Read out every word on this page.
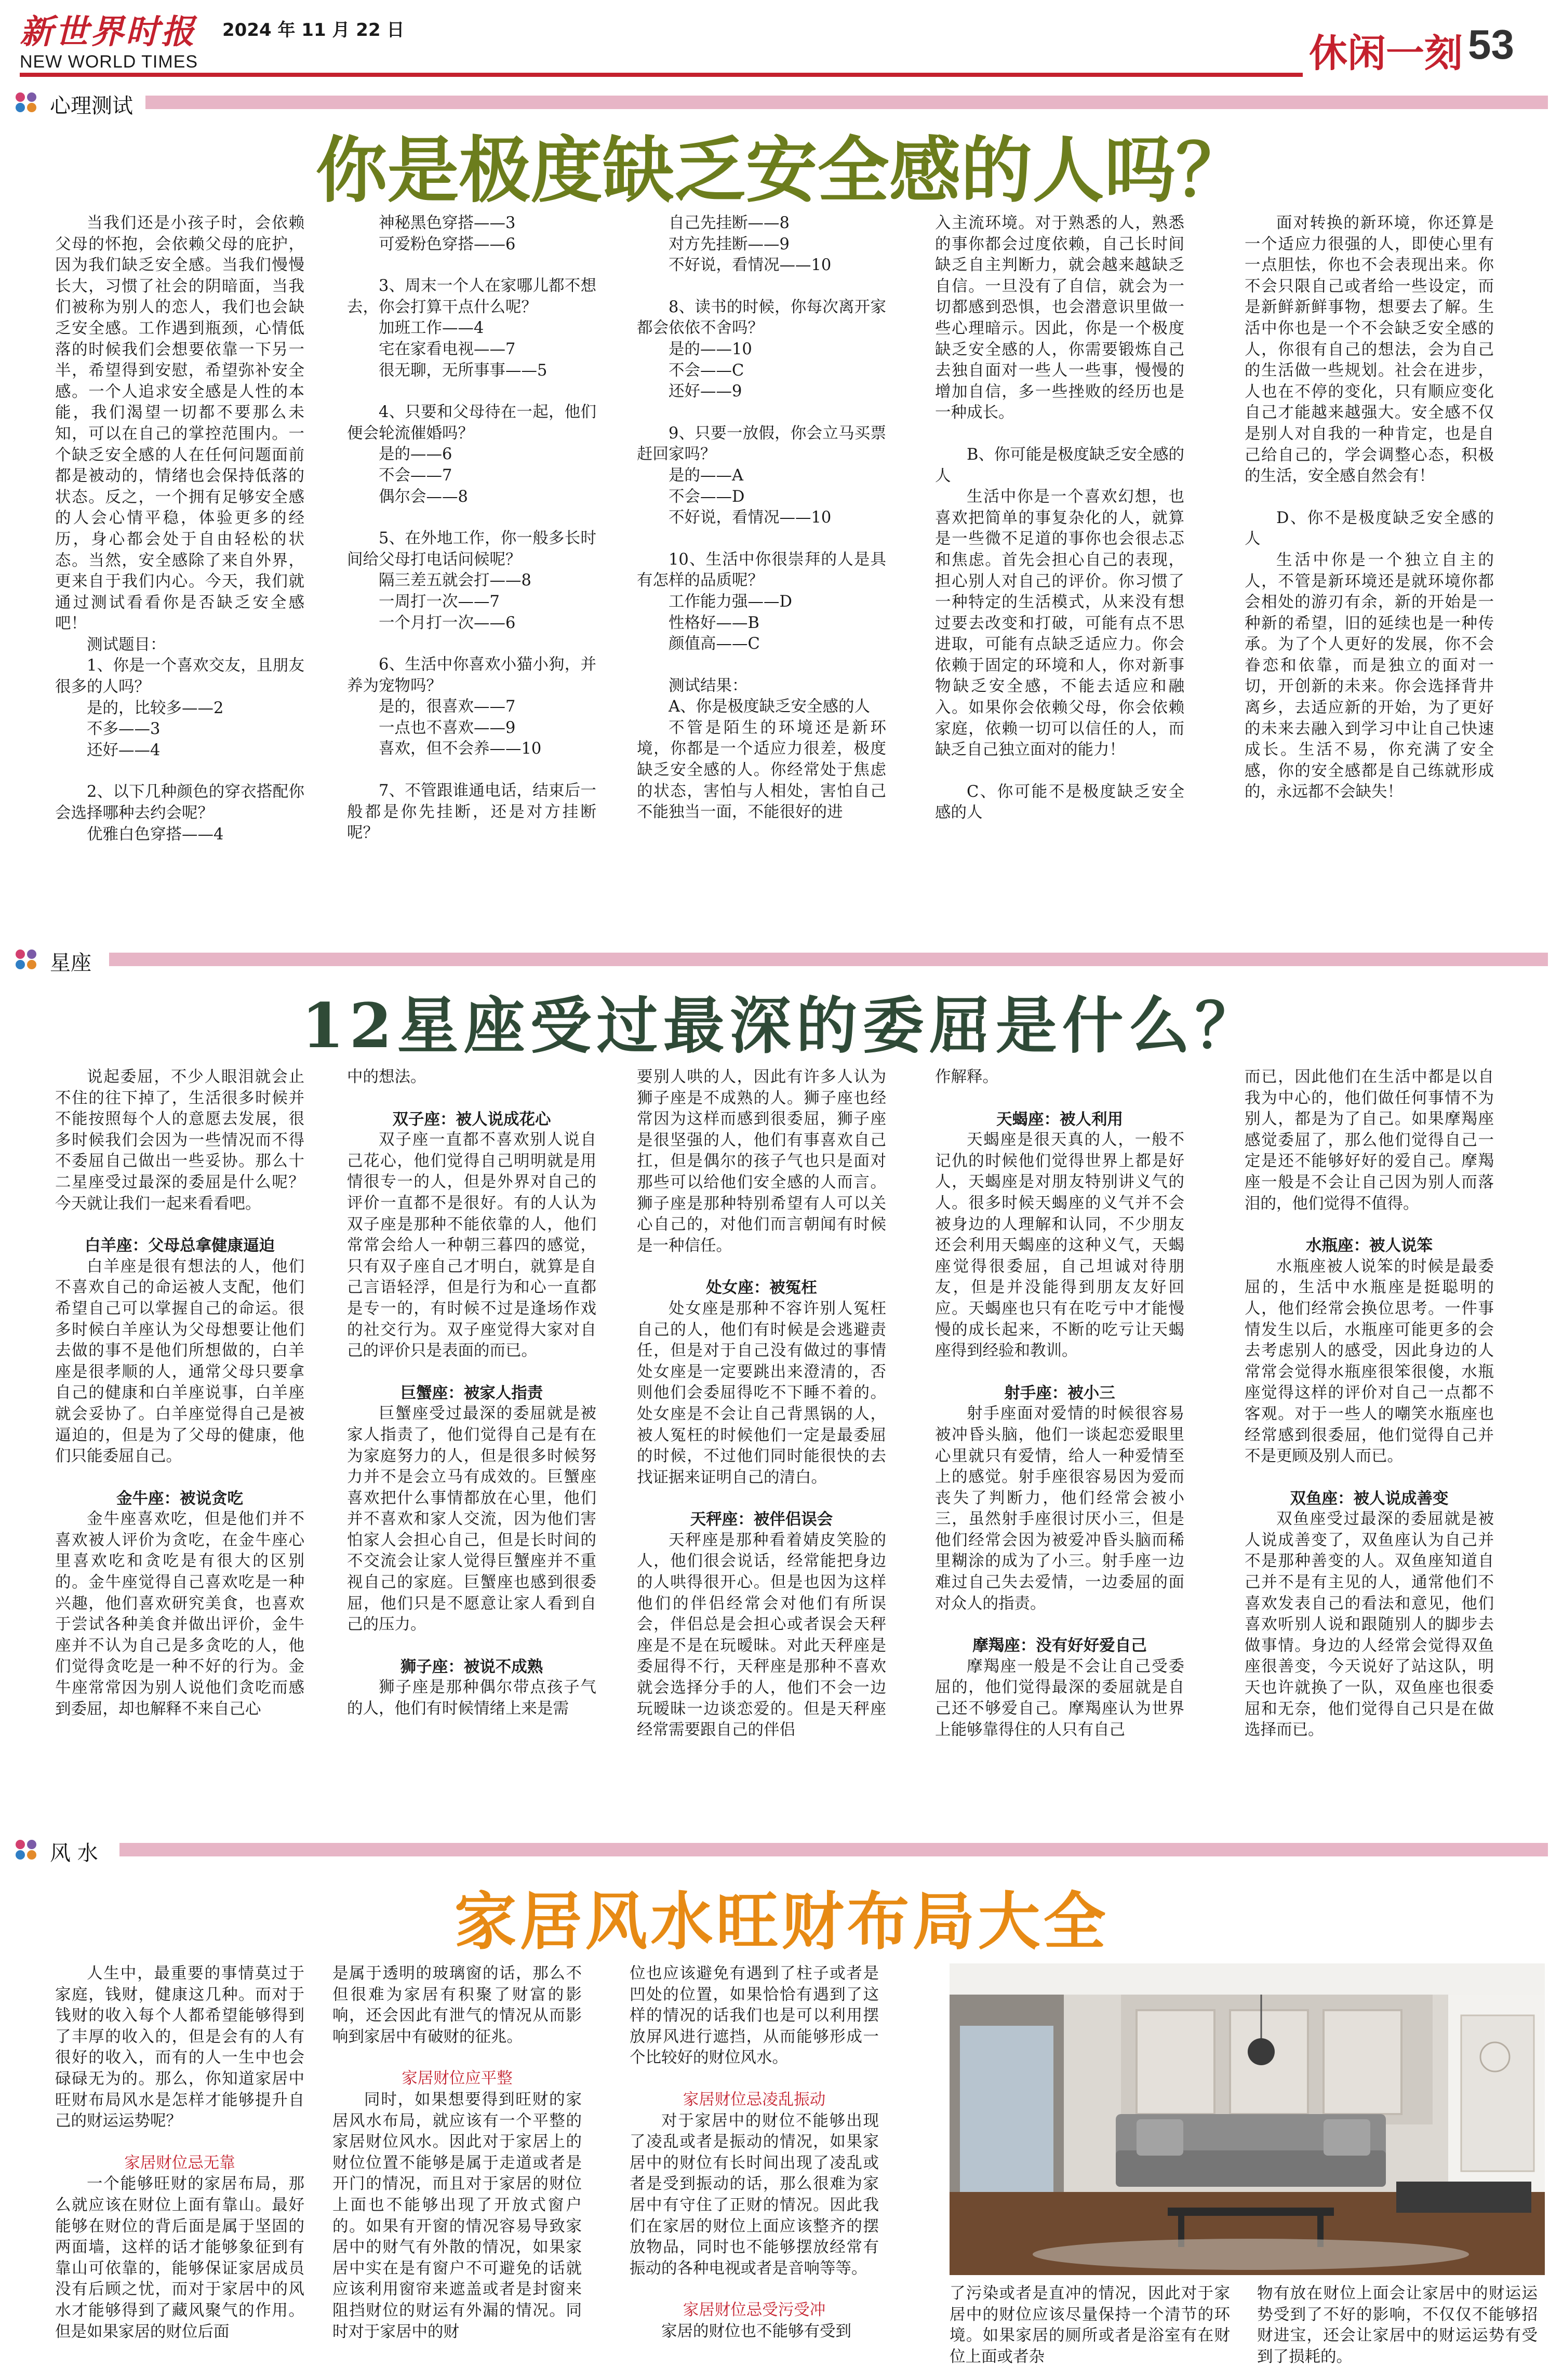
新世界时报 2024 年 11 月 22 日
NEW WORLD TIMES	休闲一刻 53
心理测试
你是极度缺乏安全感的人吗？

当我们还是小孩子时，会依赖父母的怀抱，会依赖父母的庇护，因为我们缺乏安全感。当我们慢慢长大，习惯了社会的阴暗面，当我们被称为别人的恋人，我们也会缺乏安全感。工作遇到瓶颈，心情低落的时候我们会想要依靠一下另一半，希望得到安慰，希望弥补安全感。一个人追求安全感是人性的本能，我们渴望一切都不要那么未知，可以在自己的掌控范围内。一个缺乏安全感的人在任何问题面前都是被动的，情绪也会保持低落的状态。反之，一个拥有足够安全感的人会心情平稳，体验更多的经历，身心都会处于自由轻松的状态。当然，安全感除了来自外界，更来自于我们内心。今天，我们就通过测试看看你是否缺乏安全感吧！

测试题目：

1、你是一个喜欢交友，且朋友很多的人吗？

是的，比较多——2

不多——3

还好——4

2、以下几种颜色的穿衣搭配你会选择哪种去约会呢？

优雅白色穿搭——4

神秘黑色穿搭——3

可爱粉色穿搭——6

3、周末一个人在家哪儿都不想去，你会打算干点什么呢？

加班工作——4

宅在家看电视——7

很无聊，无所事事——5

4、只要和父母待在一起，他们便会轮流催婚吗？

是的——6

不会——7

偶尔会——8

5、在外地工作，你一般多长时间给父母打电话问候呢？

隔三差五就会打——8

一周打一次——7

一个月打一次——6

6、生活中你喜欢小猫小狗，并养为宠物吗？

是的，很喜欢——7

一点也不喜欢——9

喜欢，但不会养——10

7、不管跟谁通电话，结束后一般都是你先挂断，还是对方挂断呢？

自己先挂断——8

对方先挂断——9

不好说，看情况——10

8、读书的时候，你每次离开家都会依依不舍吗？

是的——10

不会——C

还好——9

9、只要一放假，你会立马买票赶回家吗？

是的——A

不会——D

不好说，看情况——10

10、生活中你很崇拜的人是具有怎样的品质呢？

工作能力强——D

性格好——B

颜值高——C

测试结果：

A、你是极度缺乏安全感的人

不管是陌生的环境还是新环境，你都是一个适应力很差，极度缺乏安全感的人。你经常处于焦虑的状态，害怕与人相处，害怕自己不能独当一面，不能很好的进

入主流环境。对于熟悉的人，熟悉的事你都会过度依赖，自己长时间缺乏自主判断力，就会越来越缺乏自信。一旦没有了自信，就会为一切都感到恐惧，也会潜意识里做一些心理暗示。因此，你是一个极度缺乏安全感的人，你需要锻炼自己去独自面对一些人一些事，慢慢的增加自信，多一些挫败的经历也是一种成长。

B、你可能是极度缺乏安全感的人

生活中你是一个喜欢幻想，也喜欢把简单的事复杂化的人，就算是一些微不足道的事你也会很忐忑和焦虑。首先会担心自己的表现，担心别人对自己的评价。你习惯了一种特定的生活模式，从来没有想过要去改变和打破，可能有点不思进取，可能有点缺乏适应力。你会依赖于固定的环境和人，你对新事物缺乏安全感，不能去适应和融入。如果你会依赖父母，你会依赖家庭，依赖一切可以信任的人，而缺乏自己独立面对的能力！

C、你可能不是极度缺乏安全感的人

面对转换的新环境，你还算是一个适应力很强的人，即使心里有一点胆怯，你也不会表现出来。你不会只限自己或者给一些设定，而是新鲜新鲜事物，想要去了解。生活中你也是一个不会缺乏安全感的人，你很有自己的想法，会为自己的生活做一些规划。社会在进步，人也在不停的变化，只有顺应变化自己才能越来越强大。安全感不仅是别人对自我的一种肯定，也是自己给自己的，学会调整心态，积极的生活，安全感自然会有！

D、你不是极度缺乏安全感的人

生活中你是一个独立自主的人，不管是新环境还是就环境你都会相处的游刃有余，新的开始是一种新的希望，旧的延续也是一种传承。为了个人更好的发展，你不会眷恋和依靠，而是独立的面对一切，开创新的未来。你会选择背井离乡，去适应新的开始，为了更好的未来去融入到学习中让自己快速成长。生活不易，你充满了安全感，你的安全感都是自己练就形成的，永远都不会缺失！

星座
12星座受过最深的委屈是什么？

说起委屈，不少人眼泪就会止不住的往下掉了，生活很多时候并不能按照每个人的意愿去发展，很多时候我们会因为一些情况而不得不委屈自己做出一些妥协。那么十二星座受过最深的委屈是什么呢？今天就让我们一起来看看吧。

白羊座：父母总拿健康逼迫

白羊座是很有想法的人，他们不喜欢自己的命运被人支配，他们希望自己可以掌握自己的命运。很多时候白羊座认为父母想要让他们去做的事不是他们所想做的，白羊座是很孝顺的人，通常父母只要拿自己的健康和白羊座说事，白羊座就会妥协了。白羊座觉得自己是被逼迫的，但是为了父母的健康，他们只能委屈自己。

金牛座：被说贪吃

金牛座喜欢吃，但是他们并不喜欢被人评价为贪吃，在金牛座心里喜欢吃和贪吃是有很大的区别的。金牛座觉得自己喜欢吃是一种兴趣，他们喜欢研究美食，也喜欢于尝试各种美食并做出评价，金牛座并不认为自己是多贪吃的人，他们觉得贪吃是一种不好的行为。金牛座常常因为别人说他们贪吃而感到委屈，却也解释不来自己心

中的想法。

双子座：被人说成花心

双子座一直都不喜欢别人说自己花心，他们觉得自己明明就是用情很专一的人，但是外界对自己的评价一直都不是很好。有的人认为双子座是那种不能依靠的人，他们常常会给人一种朝三暮四的感觉，只有双子座自己才明白，就算是自己言语轻浮，但是行为和心一直都是专一的，有时候不过是逢场作戏的社交行为。双子座觉得大家对自己的评价只是表面的而已。

巨蟹座：被家人指责

巨蟹座受过最深的委屈就是被家人指责了，他们觉得自己是有在为家庭努力的人，但是很多时候努力并不是会立马有成效的。巨蟹座喜欢把什么事情都放在心里，他们并不喜欢和家人交流，因为他们害怕家人会担心自己，但是长时间的不交流会让家人觉得巨蟹座并不重视自己的家庭。巨蟹座也感到很委屈，他们只是不愿意让家人看到自己的压力。

狮子座：被说不成熟

狮子座是那种偶尔带点孩子气的人，他们有时候情绪上来是需

要别人哄的人，因此有许多人认为狮子座是不成熟的人。狮子座也经常因为这样而感到很委屈，狮子座是很坚强的人，他们有事喜欢自己扛，但是偶尔的孩子气也只是面对那些可以给他们安全感的人而言。狮子座是那种特别希望有人可以关心自己的，对他们而言朝闻有时候是一种信任。

处女座：被冤枉

处女座是那种不容许别人冤枉自己的人，他们有时候是会逃避责任，但是对于自己没有做过的事情处女座是一定要跳出来澄清的，否则他们会委屈得吃不下睡不着的。处女座是不会让自己背黑锅的人，被人冤枉的时候他们一定是最委屈的时候，不过他们同时能很快的去找证据来证明自己的清白。

天秤座：被伴侣误会

天秤座是那种看着婧皮笑脸的人，他们很会说话，经常能把身边的人哄得很开心。但是也因为这样他们的伴侣经常会对他们有所误会，伴侣总是会担心或者误会天秤座是不是在玩暧昧。对此天秤座是委屈得不行，天秤座是那种不喜欢就会选择分手的人，他们不会一边玩暧昧一边谈恋爱的。但是天秤座经常需要跟自己的伴侣

作解释。

天蝎座：被人利用

天蝎座是很天真的人，一般不记仇的时候他们觉得世界上都是好人，天蝎座是对朋友特别讲义气的人。很多时候天蝎座的义气并不会被身边的人理解和认同，不少朋友还会利用天蝎座的这种义气，天蝎座觉得很委屈，自己坦诚对待朋友，但是并没能得到朋友友好回应。天蝎座也只有在吃亏中才能慢慢的成长起来，不断的吃亏让天蝎座得到经验和教训。

射手座：被小三

射手座面对爱情的时候很容易被冲昏头脑，他们一谈起恋爱眼里心里就只有爱情，给人一种爱情至上的感觉。射手座很容易因为爱而丧失了判断力，他们经常会被小三，虽然射手座很讨厌小三，但是他们经常会因为被爱冲昏头脑而稀里糊涂的成为了小三。射手座一边难过自己失去爱情，一边委屈的面对众人的指责。

摩羯座：没有好好爱自己

摩羯座一般是不会让自己受委屈的，他们觉得最深的委屈就是自己还不够爱自己。摩羯座认为世界上能够靠得住的人只有自己

而已，因此他们在生活中都是以自我为中心的，他们做任何事情不为别人，都是为了自己。如果摩羯座感觉委屈了，那么他们觉得自己一定是还不能够好好的爱自己。摩羯座一般是不会让自己因为别人而落泪的，他们觉得不值得。

水瓶座：被人说笨

水瓶座被人说笨的时候是最委屈的，生活中水瓶座是挺聪明的人，他们经常会换位思考。一件事情发生以后，水瓶座可能更多的会去考虑别人的感受，因此身边的人常常会觉得水瓶座很笨很傻，水瓶座觉得这样的评价对自己一点都不客观。对于一些人的嘲笑水瓶座也经常感到很委屈，他们觉得自己并不是更顾及别人而已。

双鱼座：被人说成善变

双鱼座受过最深的委屈就是被人说成善变了，双鱼座认为自己并不是那种善变的人。双鱼座知道自己并不是有主见的人，通常他们不喜欢发表自己的看法和意见，他们喜欢听别人说和跟随别人的脚步去做事情。身边的人经常会觉得双鱼座很善变，今天说好了站这队，明天也许就换了一队，双鱼座也很委屈和无奈，他们觉得自己只是在做选择而已。

风 水
家居风水旺财布局大全

人生中，最重要的事情莫过于家庭，钱财，健康这几种。而对于钱财的收入每个人都希望能够得到了丰厚的收入的，但是会有的人有很好的收入，而有的人一生中也会碌碌无为的。那么，你知道家居中旺财布局风水是怎样才能够提升自己的财运运势呢？

家居财位忌无靠

一个能够旺财的家居布局，那么就应该在财位上面有靠山。最好能够在财位的背后面是属于坚固的两面墙，这样的话才能够象征到有靠山可依靠的，能够保证家居成员没有后顾之忧，而对于家居中的风水才能够得到了藏风聚气的作用。但是如果家居的财位后面

是属于透明的玻璃窗的话，那么不但很难为家居有积聚了财富的影响，还会因此有泄气的情况从而影响到家居中有破财的征兆。

家居财位应平整

同时，如果想要得到旺财的家居风水布局，就应该有一个平整的家居财位风水。因此对于家居上的财位位置不能够是属于走道或者是开门的情况，而且对于家居的财位上面也不能够出现了开放式窗户的。如果有开窗的情况容易导致家居中的财气有外散的情况，如果家居中实在是有窗户不可避免的话就应该利用窗帘来遮盖或者是封窗来阻挡财位的财运有外漏的情况。同时对于家居中的财

位也应该避免有遇到了柱子或者是凹处的位置，如果恰恰有遇到了这样的情况的话我们也是可以利用摆放屏风进行遮挡，从而能够形成一个比较好的财位风水。

家居财位忌凌乱振动

对于家居中的财位不能够出现了凌乱或者是振动的情况，如果家居中的财位有长时间出现了凌乱或者是受到振动的话，那么很难为家居中有守住了正财的情况。因此我们在家居的财位上面应该整齐的摆放物品，同时也不能够摆放经常有振动的各种电视或者是音响等等。

家居财位忌受污受冲

家居的财位也不能够有受到

了污染或者是直冲的情况，因此对于家居中的财位应该尽量保持一个清节的环境。如果家居的厕所或者是浴室有在财位上面或者杂

物有放在财位上面会让家居中的财运运势受到了不好的影响，不仅仅不能够招财进宝，还会让家居中的财运运势有受到了损耗的。
